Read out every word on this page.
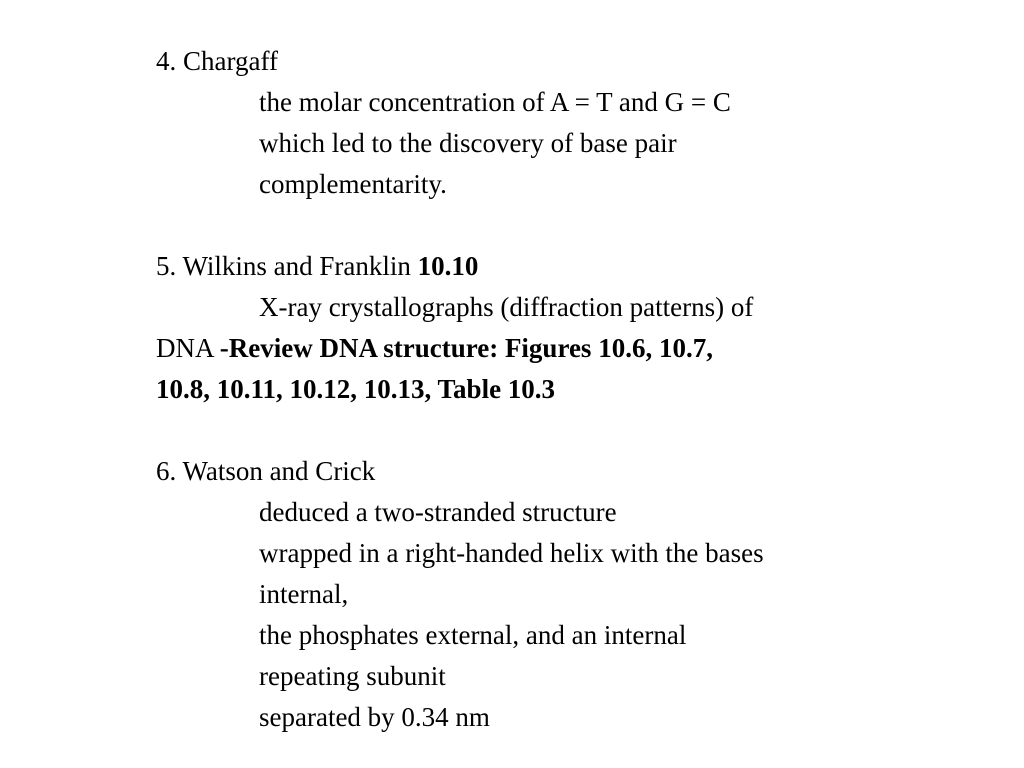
4. Chargaff
the molar concentration of A = T and G = C
which led to the discovery of base pair
complementarity.
5. Wilkins and Franklin 10.10
X-ray crystallographs (diffraction patterns) of
DNA -Review DNA structure: Figures 10.6, 10.7,
10.8, 10.11, 10.12, 10.13, Table 10.3
6. Watson and Crick
deduced a two-stranded structure
wrapped in a right-handed helix with the bases
internal,
the phosphates external, and an internal
repeating subunit
separated by 0.34 nm
